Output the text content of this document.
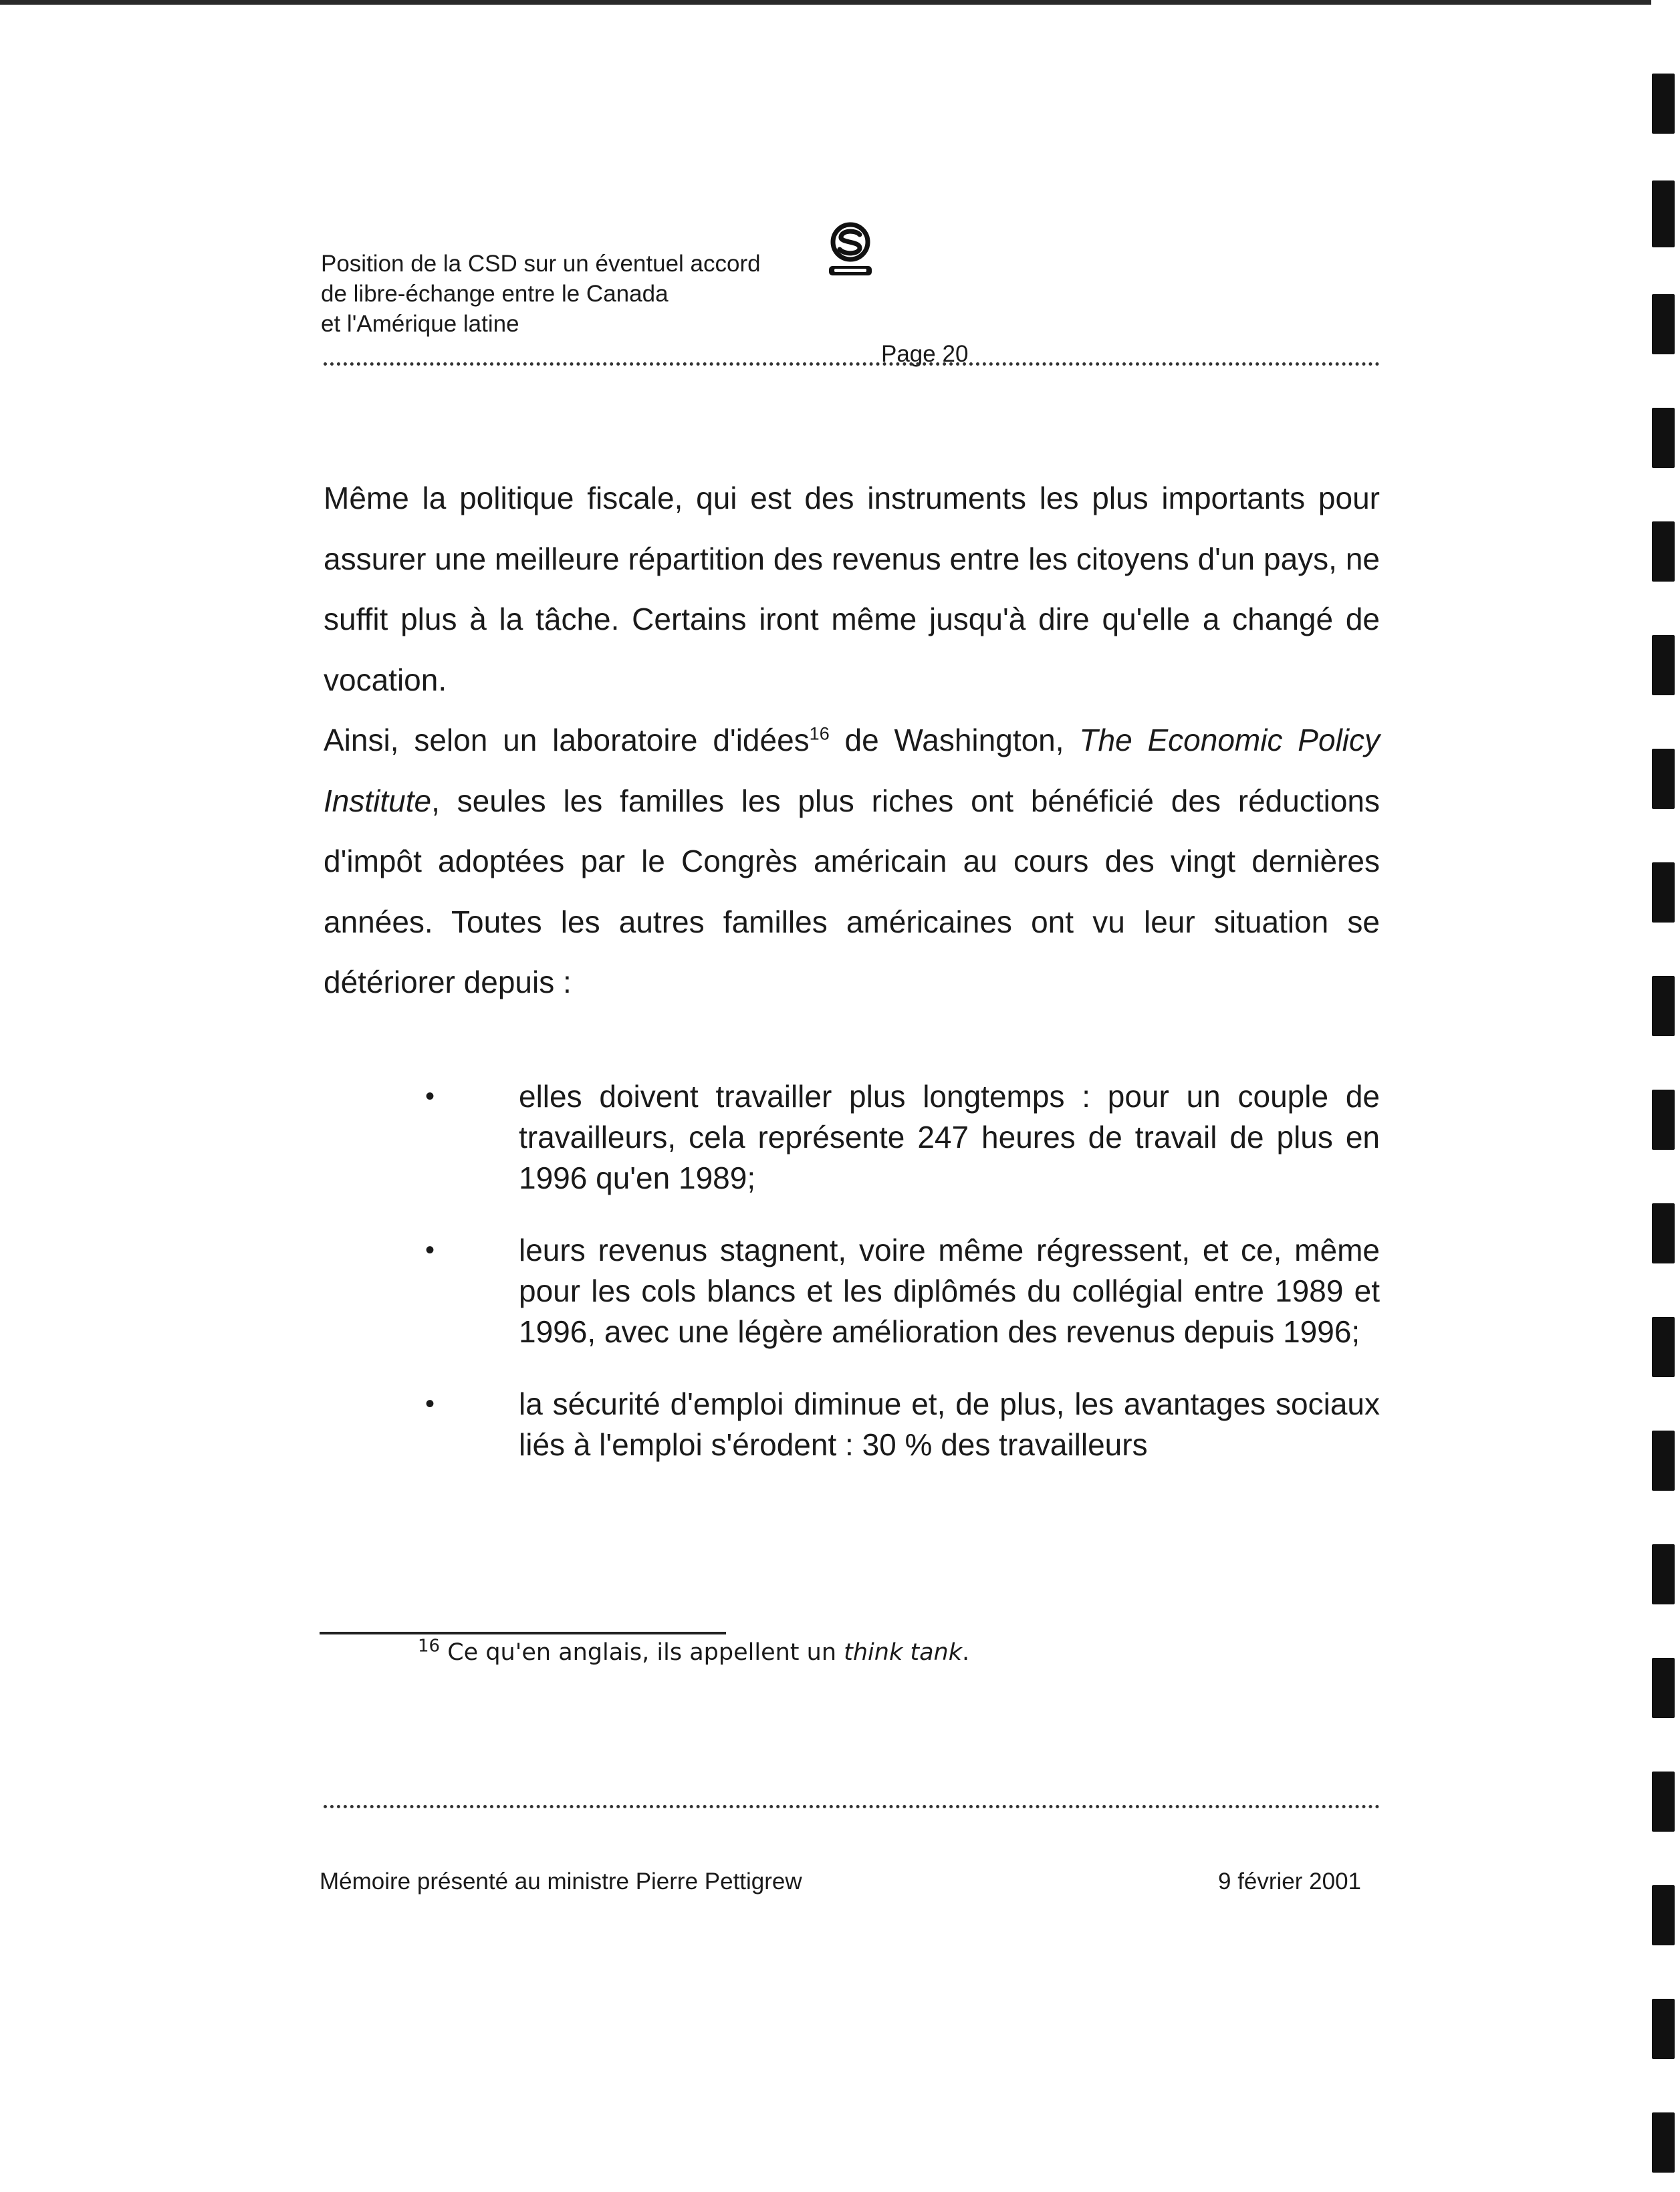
Position de la CSD sur un éventuel accord
de libre-échange entre le Canada
et l'Amérique latine
Page 20

Même la politique fiscale, qui est des instruments les plus importants pour assurer une meilleure répartition des revenus entre les citoyens d'un pays, ne suffit plus à la tâche. Certains iront même jusqu'à dire qu'elle a changé de vocation.

Ainsi, selon un laboratoire d'idées$^{16}$ de Washington, The Economic Policy Institute, seules les familles les plus riches ont bénéficié des réductions d'impôt adoptées par le Congrès américain au cours des vingt dernières années. Toutes les autres familles américaines ont vu leur situation se détériorer depuis :

•	elles doivent travailler plus longtemps : pour un couple de travailleurs, cela représente 247 heures de travail de plus en 1996 qu'en 1989;
•	leurs revenus stagnent, voire même régressent, et ce, même pour les cols blancs et les diplômés du collégial entre 1989 et 1996, avec une légère amélioration des revenus depuis 1996;
•	la sécurité d'emploi diminue et, de plus, les avantages sociaux liés à l'emploi s'érodent : 30 % des travailleurs
$^{16}$ Ce qu'en anglais, ils appellent un think tank.
Mémoire présenté au ministre Pierre Pettigrew	9 février 2001
